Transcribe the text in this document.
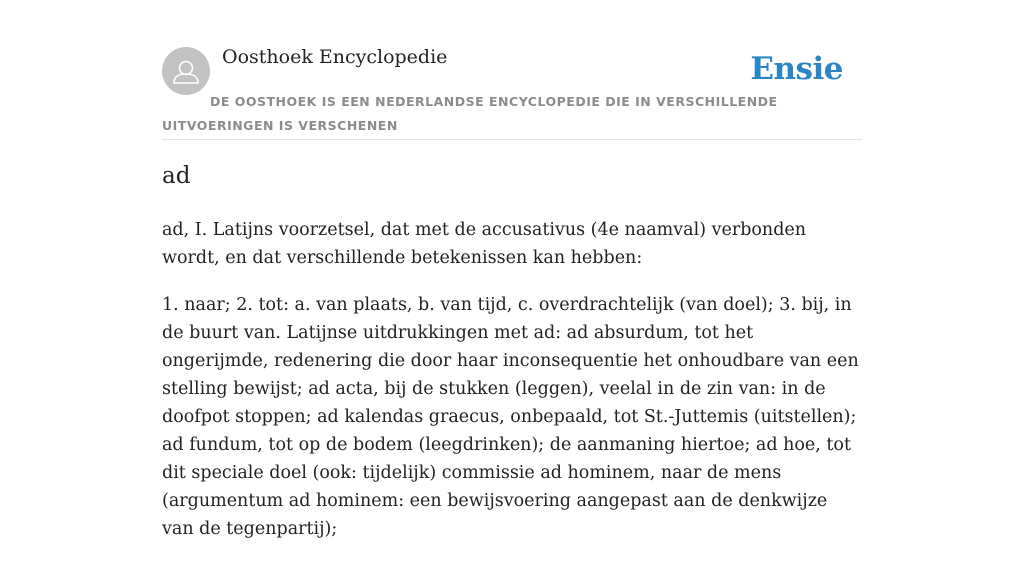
Oosthoek Encyclopedie	Ensie
DE OOSTHOEK IS EEN NEDERLANDSE ENCYCLOPEDIE DIE IN VERSCHILLENDE UITVOERINGEN IS VERSCHENEN
ad

ad, I. Latijns voorzetsel, dat met de accusativus (4e naamval) verbonden wordt, en dat verschillende betekenissen kan hebben:

1. naar; 2. tot: a. van plaats, b. van tijd, c. overdrachtelijk (van doel); 3. bij, in de buurt van. Latijnse uitdrukkingen met ad: ad absurdum, tot het ongerijmde, redenering die door haar inconsequentie het onhoudbare van een stelling bewijst; ad acta, bij de stukken (leggen), veelal in de zin van: in de doofpot stoppen; ad kalendas graecus, onbepaald, tot St.-Juttemis (uitstellen); ad fundum, tot op de bodem (leegdrinken); de aanmaning hiertoe; ad hoe, tot dit speciale doel (ook: tijdelijk) commissie ad hominem, naar de mens (argumentum ad hominem: een bewijsvoering aangepast aan de denkwijze van de tegenpartij);
